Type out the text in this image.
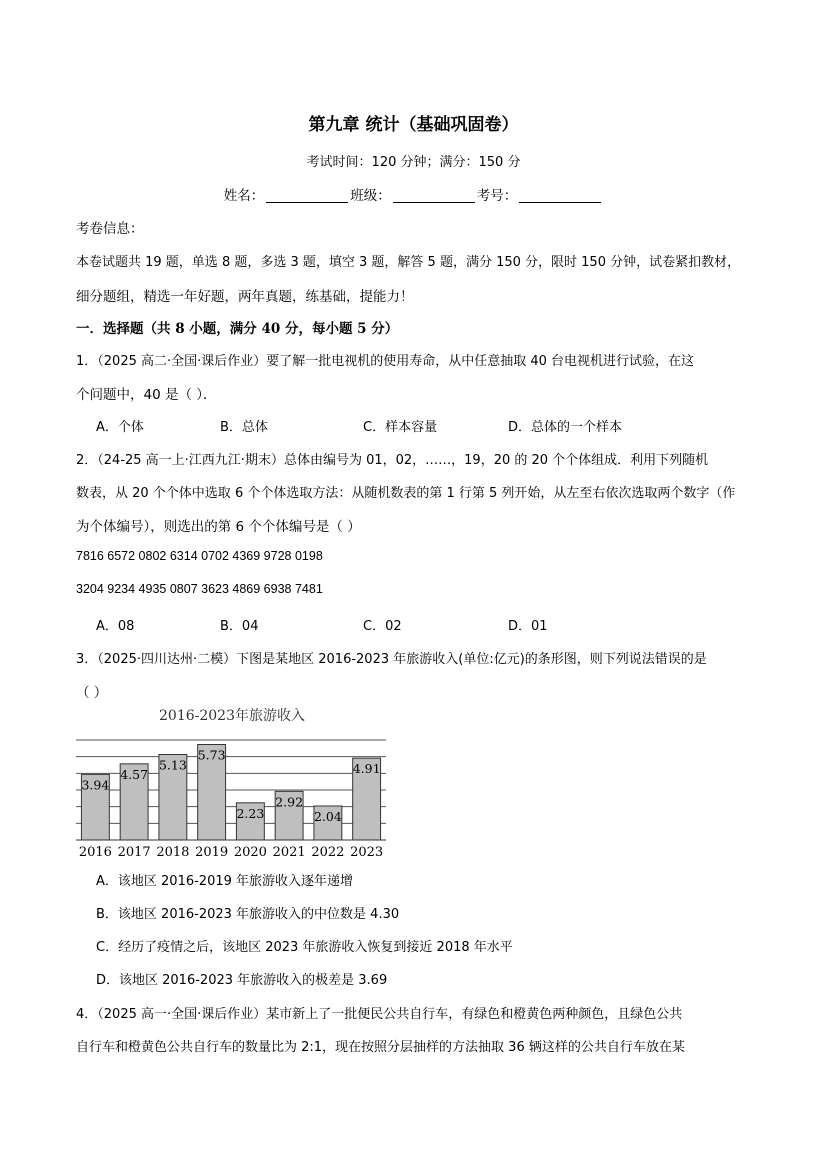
第九章 统计（基础巩固卷）
考试时间：120 分钟；满分：150 分
姓名：	班级：	考号：
考卷信息：
本卷试题共 19 题，单选 8 题，多选 3 题，填空 3 题，解答 5 题，满分 150 分，限时 150 分钟，试卷紧扣教材，
细分题组，精选一年好题，两年真题，练基础，提能力！
一．选择题（共 8 小题，满分 40 分，每小题 5 分）
1．（2025 高二·全国·课后作业）要了解一批电视机的使用寿命，从中任意抽取 40 台电视机进行试验，在这
个问题中，40 是（ ）．
A．个体	B．总体	C．样本容量	D．总体的一个样本
2．（24-25 高一上·江西九江·期末）总体由编号为 01，02，……，19，20 的 20 个个体组成．利用下列随机
数表，从 20 个个体中选取 6 个个体选取方法：从随机数表的第 1 行第 5 列开始，从左至右依次选取两个数字（作
为个体编号），则选出的第 6 个个体编号是（ ）
7816 6572 0802 6314 0702 4369 9728 0198
3204 9234 4935 0807 3623 4869 6938 7481
A．08	B．04	C．02	D．01
3．（2025·四川达州·二模）下图是某地区 2016-2023 年旅游收入(单位:亿元)的条形图，则下列说法错误的是
（ ）
2016-2023年旅游收入
3.94
4.57
5.13
5.73
2.23
2.92
2.04
4.91
2016 2017 2018 2019 2020 2021 2022 2023
A．该地区 2016-2019 年旅游收入逐年递增
B．该地区 2016-2023 年旅游收入的中位数是 4.30
C．经历了疫情之后，该地区 2023 年旅游收入恢复到接近 2018 年水平
D．该地区 2016-2023 年旅游收入的极差是 3.69
4．（2025 高一·全国·课后作业）某市新上了一批便民公共自行车，有绿色和橙黄色两种颜色，且绿色公共
自行车和橙黄色公共自行车的数量比为 2:1，现在按照分层抽样的方法抽取 36 辆这样的公共自行车放在某
